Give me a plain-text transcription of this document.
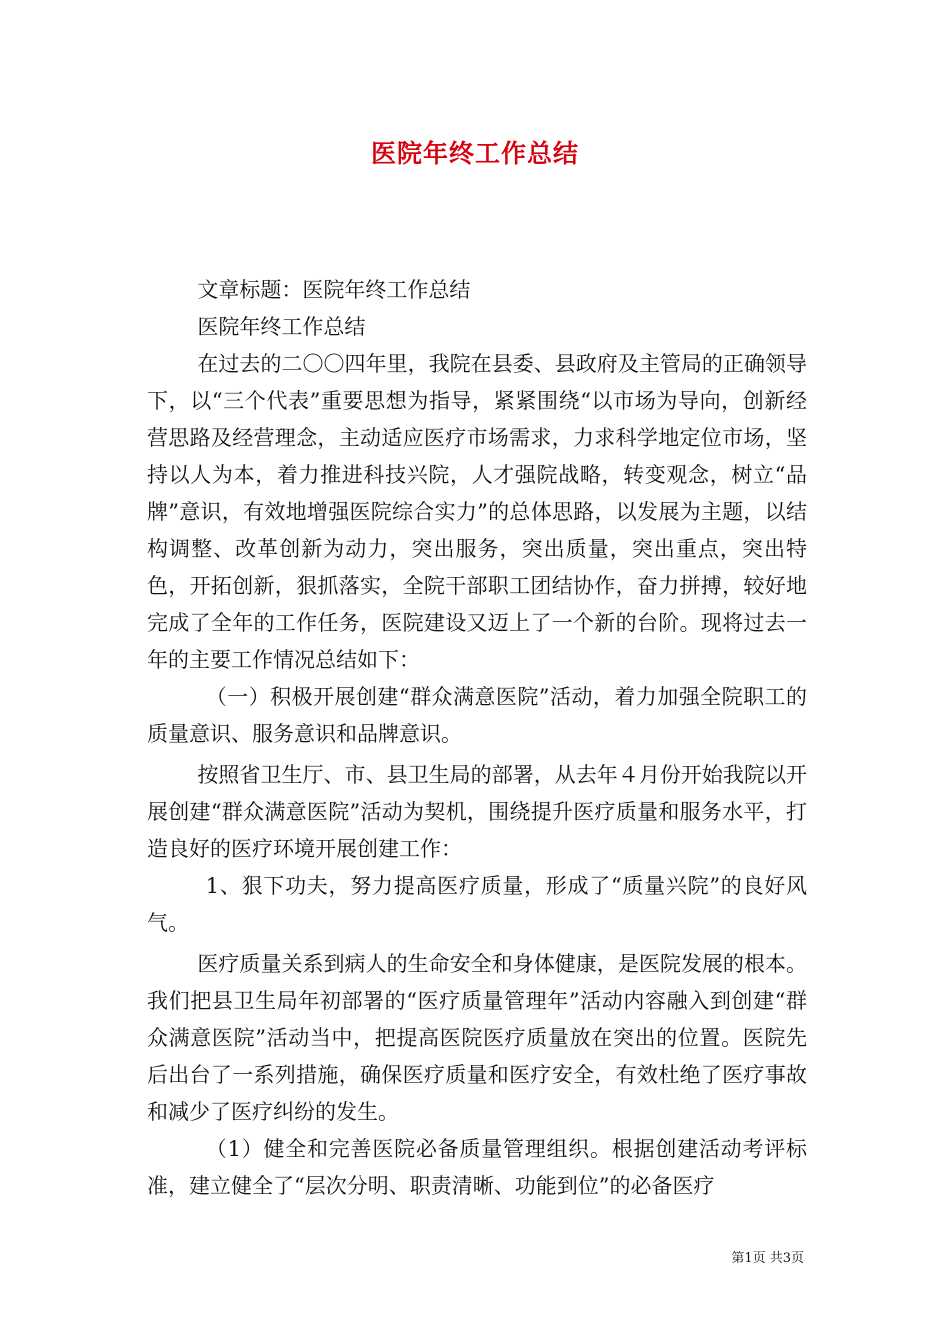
医院年终工作总结

文章标题：医院年终工作总结

医院年终工作总结

在过去的二〇〇四年里，我院在县委、县政府及主管局的正确领导下，以“三个代表”重要思想为指导，紧紧围绕“以市场为导向，创新经营思路及经营理念，主动适应医疗市场需求，力求科学地定位市场，坚持以人为本，着力推进科技兴院，人才强院战略，转变观念，树立“品牌”意识，有效地增强医院综合实力”的总体思路，以发展为主题，以结构调整、改革创新为动力，突出服务，突出质量，突出重点，突出特色，开拓创新，狠抓落实，全院干部职工团结协作，奋力拼搏，较好地完成了全年的工作任务，医院建设又迈上了一个新的台阶。现将过去一年的主要工作情况总结如下：

（一）积极开展创建“群众满意医院”活动，着力加强全院职工的质量意识、服务意识和品牌意识。

按照省卫生厅、市、县卫生局的部署，从去年４月份开始我院以开展创建“群众满意医院”活动为契机，围绕提升医疗质量和服务水平，打造良好的医疗环境开展创建工作：

1、狠下功夫，努力提高医疗质量，形成了“质量兴院”的良好风气。

医疗质量关系到病人的生命安全和身体健康，是医院发展的根本。我们把县卫生局年初部署的“医疗质量管理年”活动内容融入到创建“群众满意医院”活动当中，把提高医院医疗质量放在突出的位置。医院先后出台了一系列措施，确保医疗质量和医疗安全，有效杜绝了医疗事故和减少了医疗纠纷的发生。

（1）健全和完善医院必备质量管理组织。根据创建活动考评标准，建立健全了“层次分明、职责清晰、功能到位”的必备医疗

第1页 共3页
